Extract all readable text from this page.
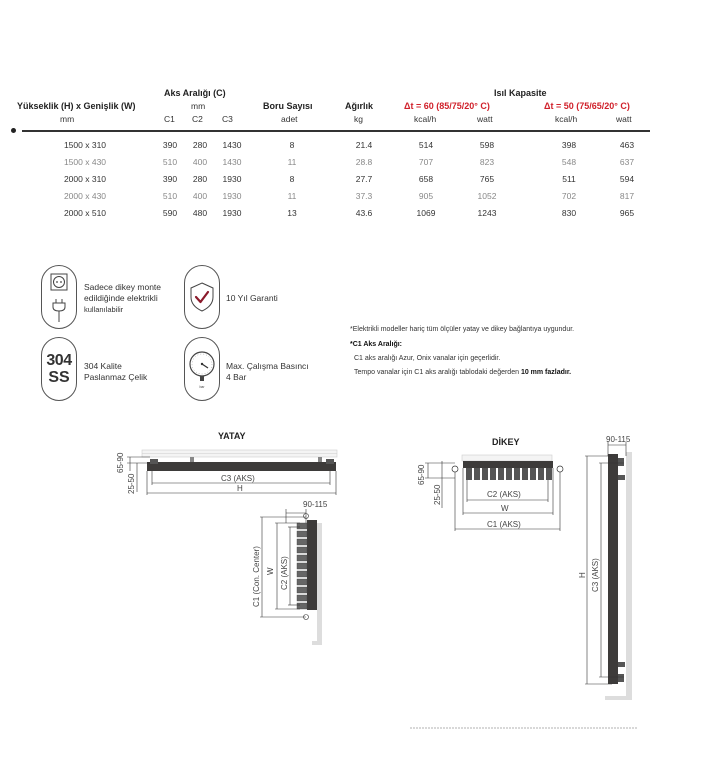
Yükseklik (H) x Genişlik (W)
mm
Aks Aralığı (C)
mm
C1 C2 C3
Boru Sayısı
adet
Ağırlık
kg
Isıl Kapasite
Δt = 60 (85/75/20° C)
kcal/h	watt
Δt = 50 (75/65/20° C)
kcal/h	watt
1500 x 310	390	280	1430	8	21.4	514	598	398	463
1500 x 430	510	400	1430	11	28.8	707	823	548	637
2000 x 310	390	280	1930	8	27.7	658	765	511	594
2000 x 430	510	400	1930	11	37.3	905	1052	702	817
2000 x 510	590	480	1930	13	43.6	1069	1243	830	965
Sadece dikey monte
edildiğinde elektrikli
kullanılabilir
10 Yıl Garanti
304
SS
304 Kalite
Paslanmaz Çelik
bar
Max. Çalışma Basıncı
4 Bar
*Elektrikli modeller hariç tüm ölçüler yatay ve dikey bağlantıya uygundur.
*C1 Aks Aralığı:
C1 aks aralığı Azur, Onix vanalar için geçerlidir.
Tempo vanalar için C1 aks aralığı tablodaki değerden 10 mm fazladır.
YATAY
65-90
25-50	C3 (AKS)
H
90-115
C1 (Con. Center) W C2 (AKS)
DİKEY
65-90
25-50	C2 (AKS)
W
C1 (AKS)
90-115
H C3 (AKS)
